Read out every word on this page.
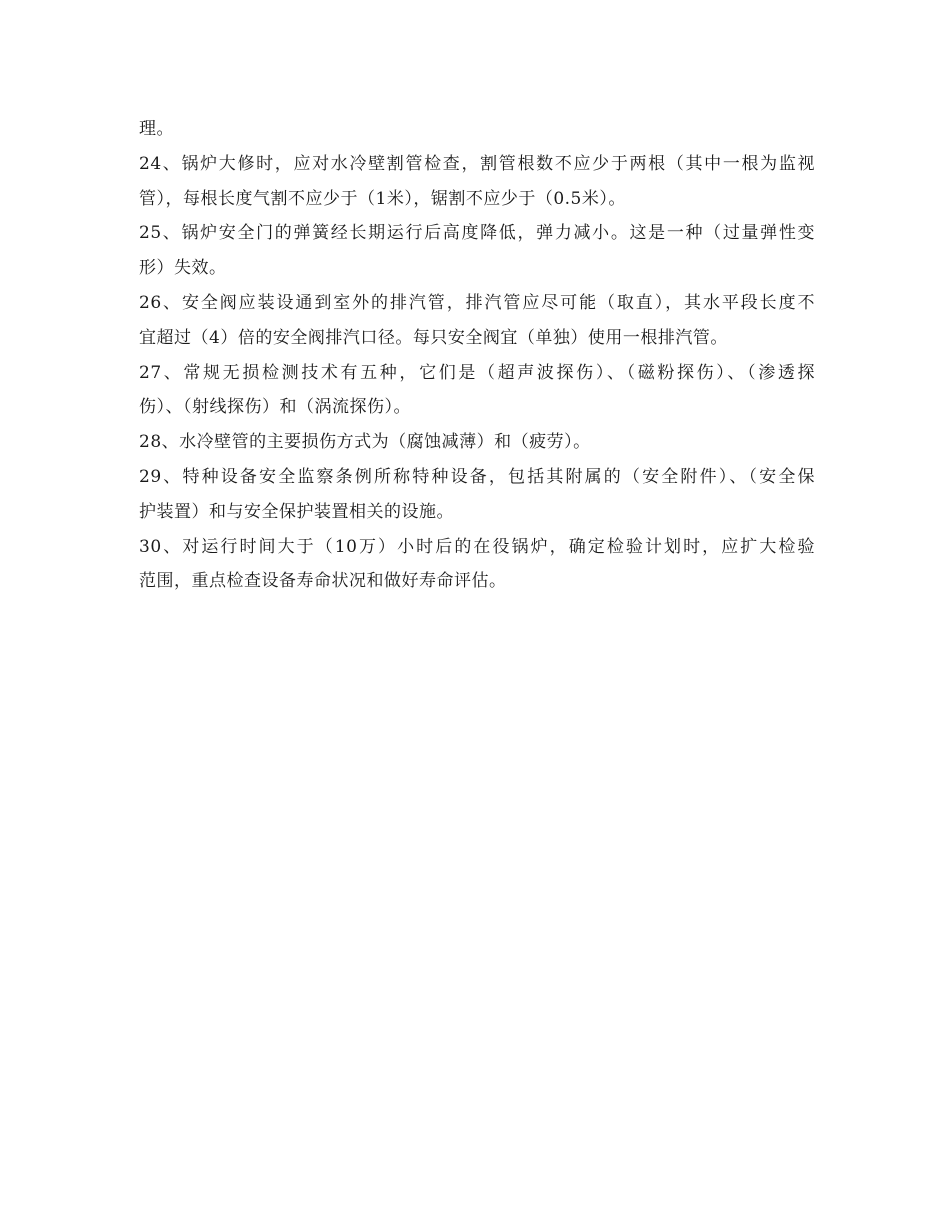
理。
24、锅炉大修时，应对水冷壁割管检查，割管根数不应少于两根（其中一根为监视
管），每根长度气割不应少于（1米），锯割不应少于（0.5米）。
25、锅炉安全门的弹簧经长期运行后高度降低，弹力减小。这是一种（过量弹性变
形）失效。
26、安全阀应装设通到室外的排汽管，排汽管应尽可能（取直），其水平段长度不
宜超过（4）倍的安全阀排汽口径。每只安全阀宜（单独）使用一根排汽管。
27、常规无损检测技术有五种，它们是（超声波探伤）、（磁粉探伤）、（渗透探
伤）、（射线探伤）和（涡流探伤）。
28、水冷壁管的主要损伤方式为（腐蚀减薄）和（疲劳）。
29、特种设备安全监察条例所称特种设备，包括其附属的（安全附件）、（安全保
护装置）和与安全保护装置相关的设施。
30、对运行时间大于（10万）小时后的在役锅炉，确定检验计划时，应扩大检验
范围，重点检查设备寿命状况和做好寿命评估。
